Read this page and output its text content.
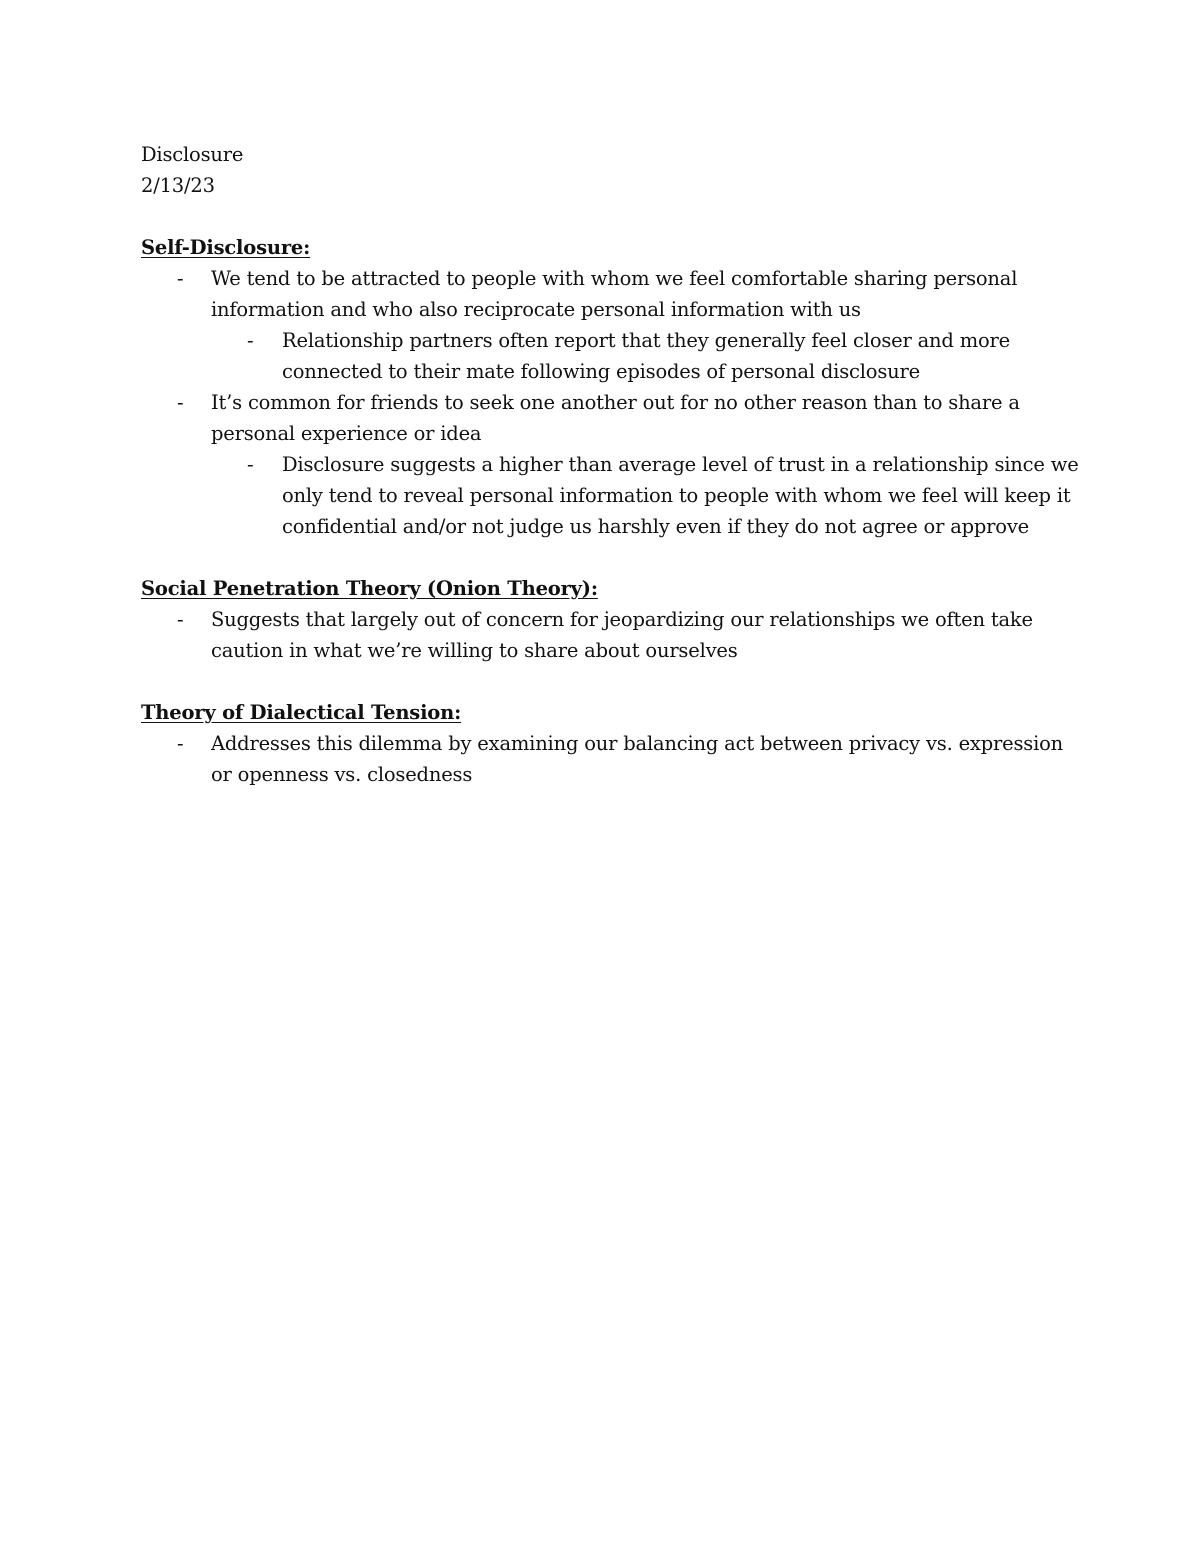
Disclosure
2/13/23
Self-Disclosure:
- We tend to be attracted to people with whom we feel comfortable sharing personal
information and who also reciprocate personal information with us
- Relationship partners often report that they generally feel closer and more
connected to their mate following episodes of personal disclosure
- It’s common for friends to seek one another out for no other reason than to share a
personal experience or idea
- Disclosure suggests a higher than average level of trust in a relationship since we
only tend to reveal personal information to people with whom we feel will keep it
confidential and/or not judge us harshly even if they do not agree or approve
Social Penetration Theory (Onion Theory):
- Suggests that largely out of concern for jeopardizing our relationships we often take
caution in what we’re willing to share about ourselves
Theory of Dialectical Tension:
- Addresses this dilemma by examining our balancing act between privacy vs. expression
or openness vs. closedness
